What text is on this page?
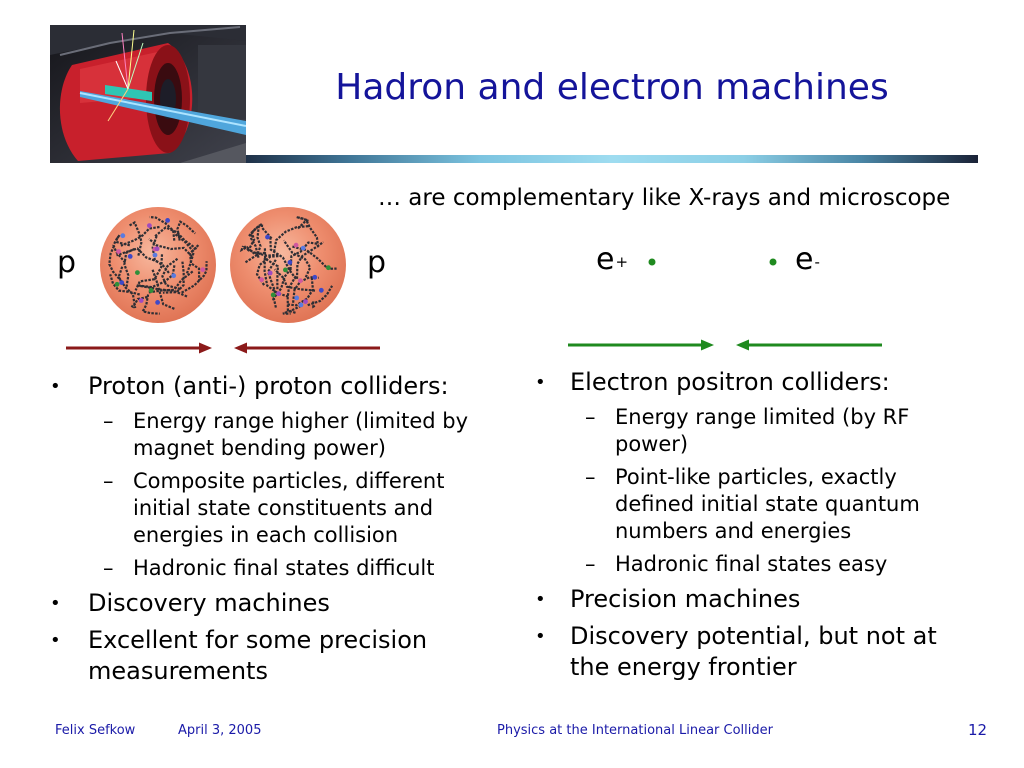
Hadron and electron machines
… are complementary like X-rays and microscope
p	p	e+	e-
• Proton (anti-) proton colliders:
– Energy range higher (limited by magnet bending power)
– Composite particles, different initial state constituents and energies in each collision
– Hadronic final states difficult
• Discovery machines
• Excellent for some precision measurements
• Electron positron colliders:
– Energy range limited (by RF power)
– Point-like particles, exactly defined initial state quantum numbers and energies
– Hadronic final states easy
• Precision machines
• Discovery potential, but not at the energy frontier
Felix Sefkow	April 3, 2005	Physics at the International Linear Collider	12
